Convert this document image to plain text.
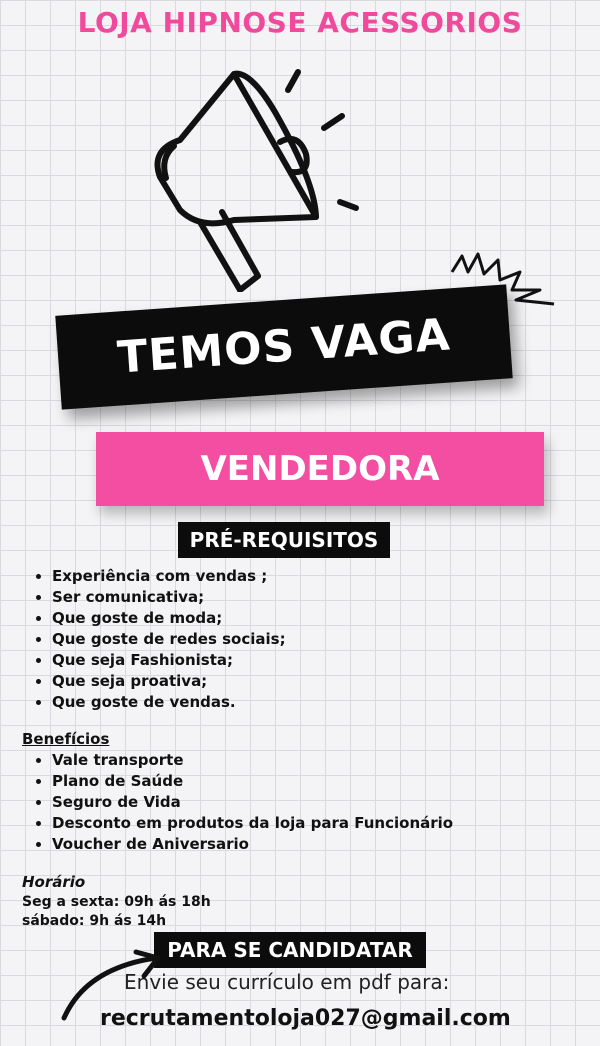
LOJA HIPNOSE ACESSORIOS
TEMOS VAGA
VENDEDORA
PRÉ-REQUISITOS
• Experiência com vendas ;
• Ser comunicativa;
• Que goste de moda;
• Que goste de redes sociais;
• Que seja Fashionista;
• Que seja proativa;
• Que goste de vendas.
Benefícios
• Vale transporte
• Plano de Saúde
• Seguro de Vida
• Desconto em produtos da loja para Funcionário
• Voucher de Aniversario
Horário
Seg a sexta: 09h ás 18h
sábado: 9h ás 14h
PARA SE CANDIDATAR
Envie seu currículo em pdf para:
recrutamentoloja027@gmail.com
